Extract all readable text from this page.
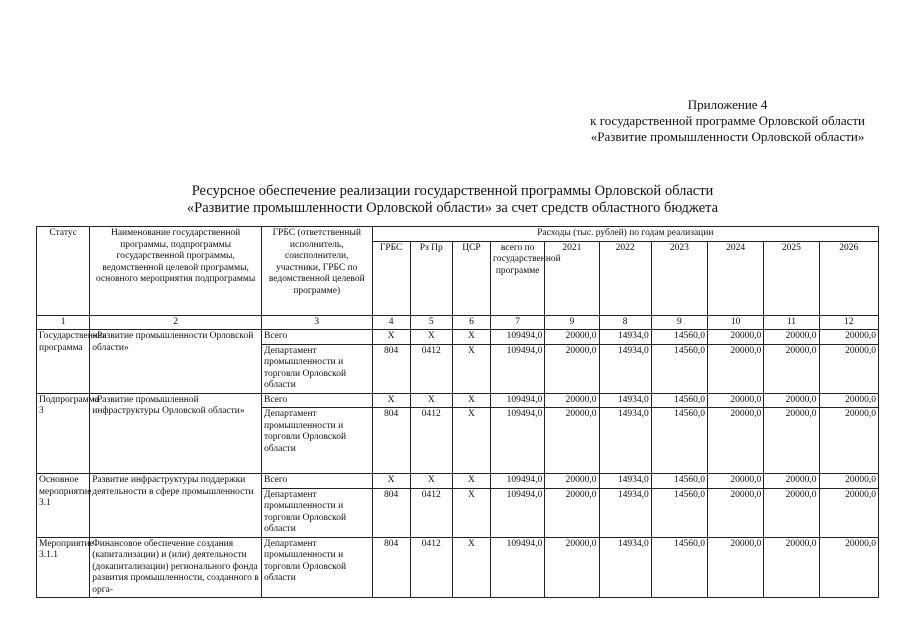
Приложение 4
к государственной программе Орловской области
«Развитие промышленности Орловской области»
Ресурсное обеспечение реализации государственной программы Орловской области
«Развитие промышленности Орловской области» за счет средств областного бюджета
Статус	Наименование государственной программы, подпрограммы государственной программы, ведомственной целевой программы, основного мероприятия подпрограммы	ГРБС (ответственный исполнитель, соисполнители, участники, ГРБС по ведомственной целевой программе)	Расходы (тыс. рублей) по годам реализации									
			ГРБС	Рз Пр	ЦСР	всего по государственной программе	2021	2022	2023	2024	2025	2026
1	2	3	4	5	6	7	9	8	9	10	11	12
Государственная программа	«Развитие промышленности Орловской области»	Всего	X	X	X	109494,0	20000,0	14934,0	14560,0	20000,0	20000,0	20000,0
		Департамент промышленности и торговли Орловской области	804	0412	X	109494,0	20000,0	14934,0	14560,0	20000,0	20000,0	20000,0
Подпрограмма 3	«Развитие промышленной инфраструктуры Орловской области»	Всего	X	X	X	109494,0	20000,0	14934,0	14560,0	20000,0	20000,0	20000,0
		Департамент промышленности и торговли Орловской области	804	0412	X	109494,0	20000,0	14934,0	14560,0	20000,0	20000,0	20000,0
Основное мероприятие 3.1	Развитие инфраструктуры поддержки деятельности в сфере промышленности	Всего	X	X	X	109494,0	20000,0	14934,0	14560,0	20000,0	20000,0	20000,0
		Департамент промышленности и торговли Орловской области	804	0412	X	109494,0	20000,0	14934,0	14560,0	20000,0	20000,0	20000,0
Мероприятие 3.1.1	Финансовое обеспечение создания (капитализации) и (или) деятельности (докапитализации) регионального фонда развития промышленности, созданного в орга-	Департамент промышленности и торговли Орловской области	804	0412	X	109494,0	20000,0	14934,0	14560,0	20000,0	20000,0	20000,0
